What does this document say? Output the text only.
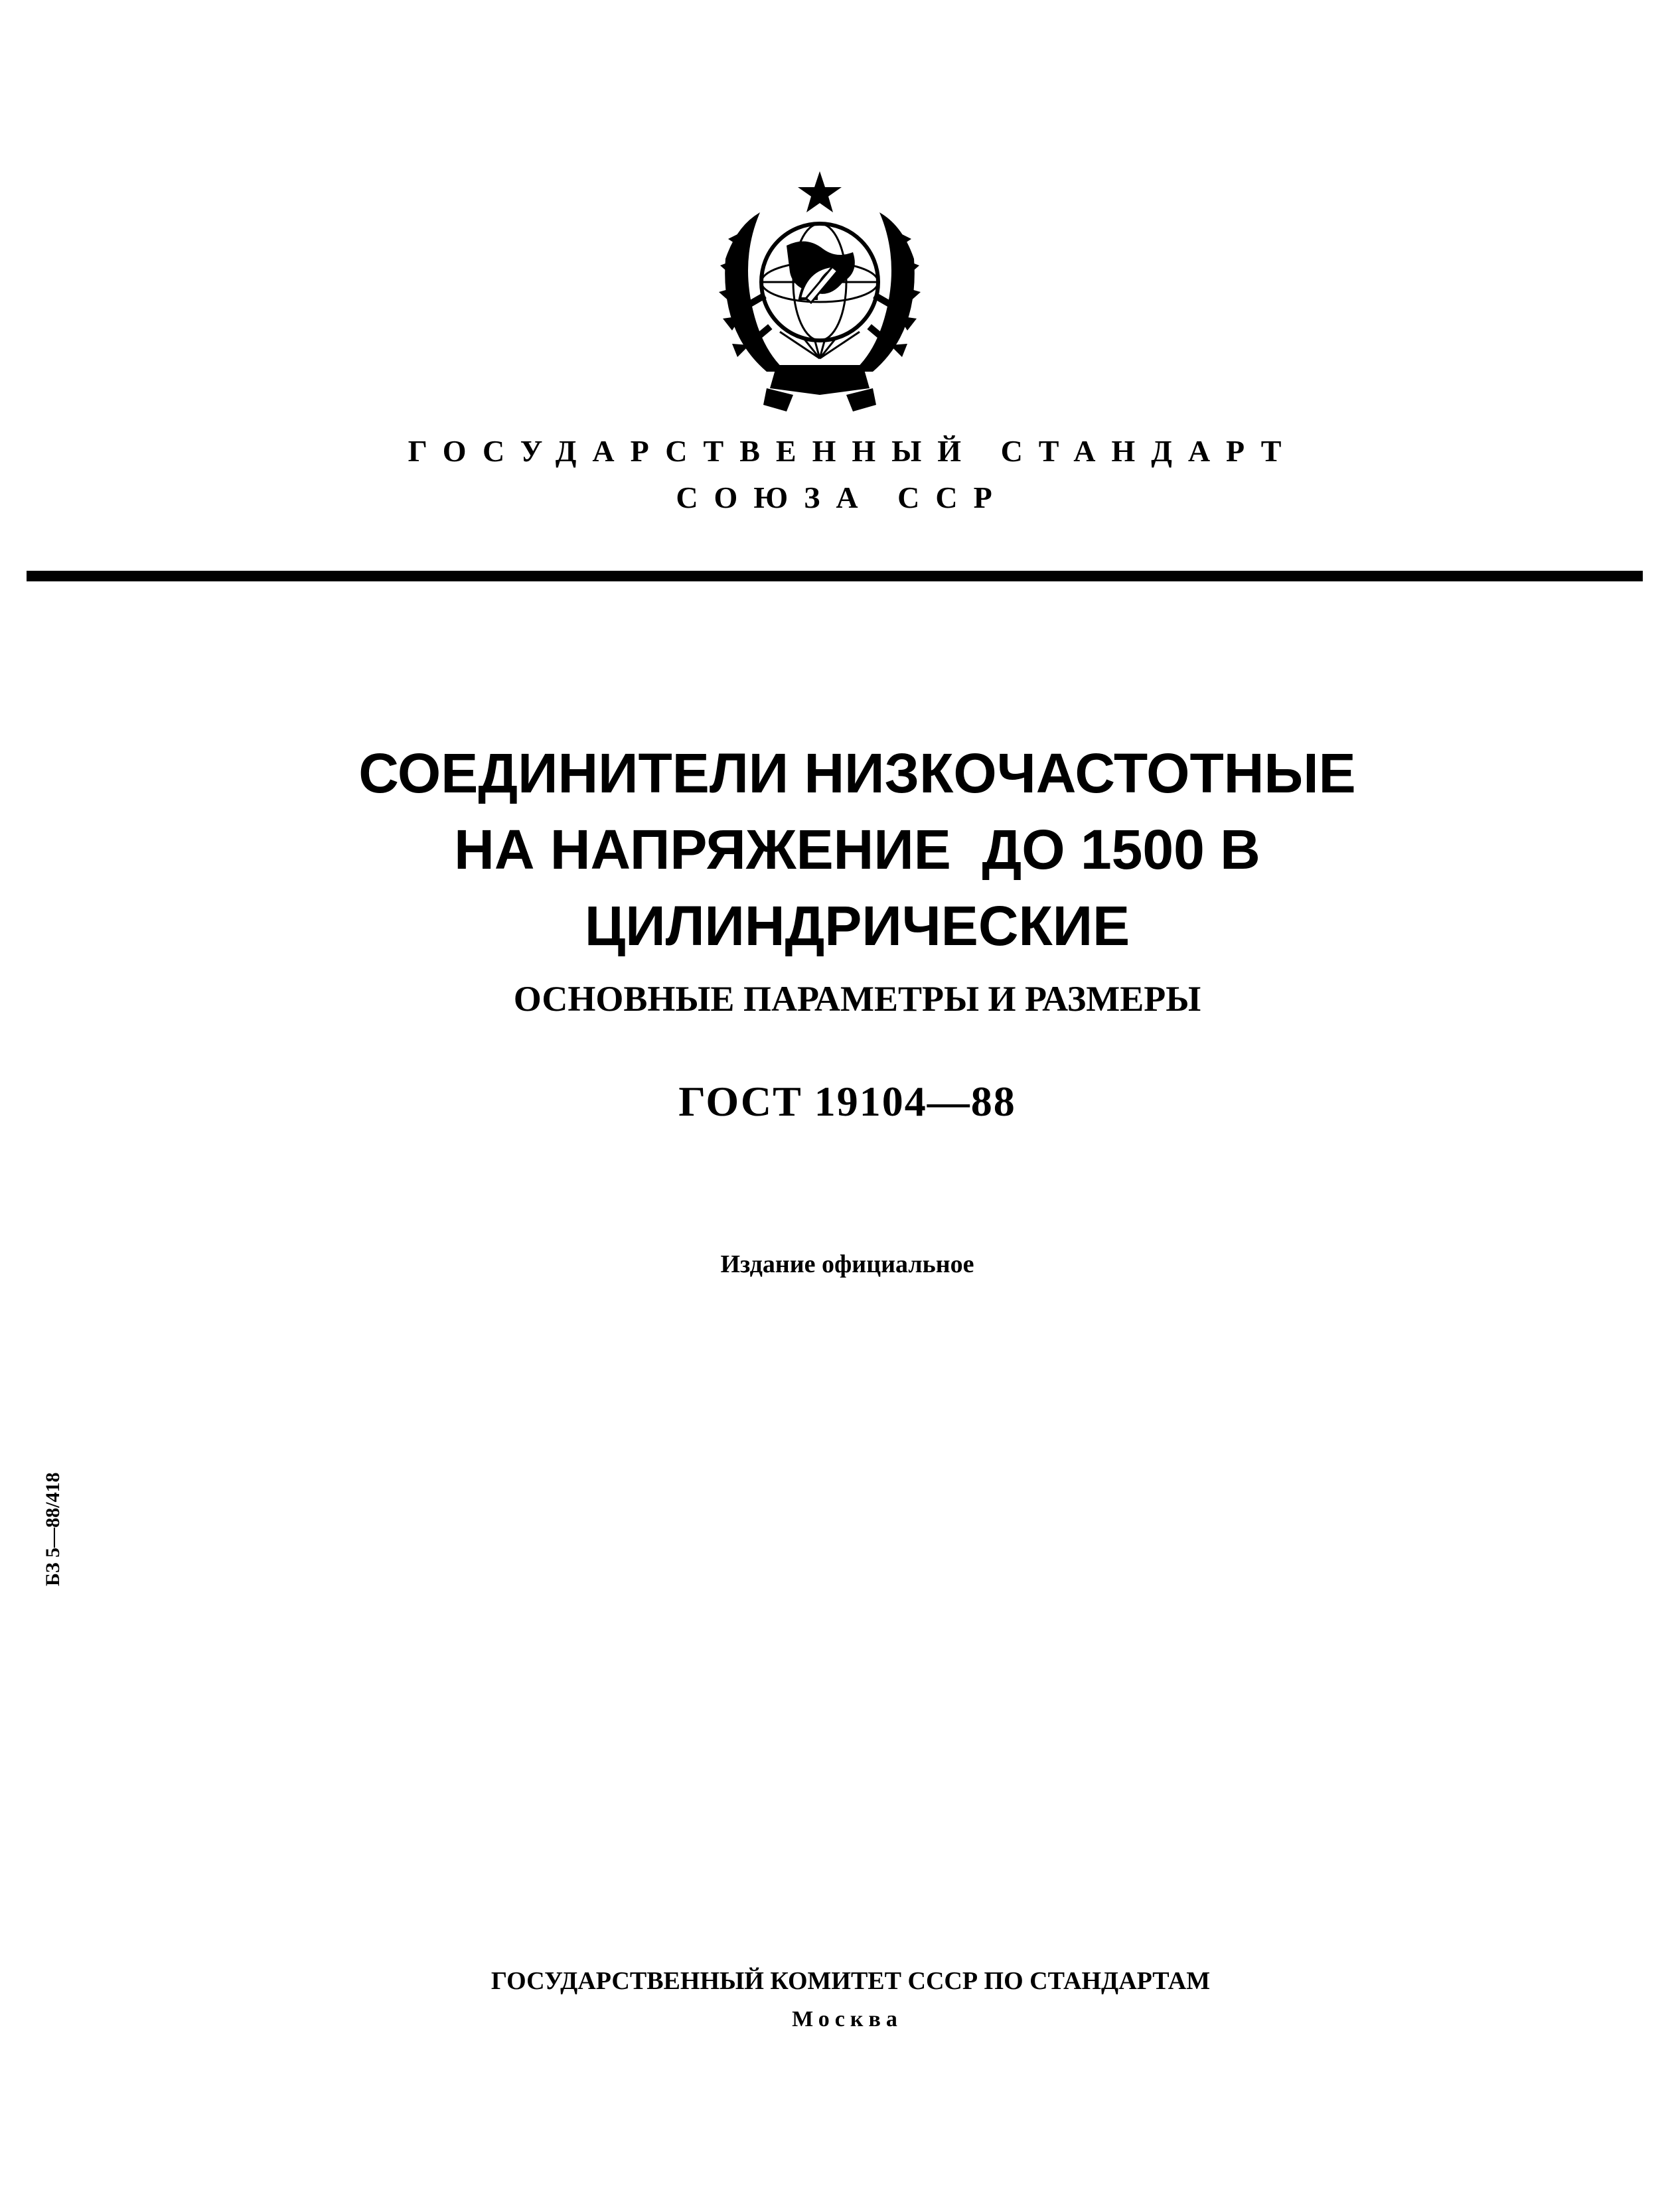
ГОСУДАРСТВЕННЫЙ СТАНДАРТ
СОЮЗА ССР
СОЕДИНИТЕЛИ НИЗКОЧАСТОТНЫЕ
НА НАПРЯЖЕНИЕ  ДО 1500 В
ЦИЛИНДРИЧЕСКИЕ
ОСНОВНЫЕ ПАРАМЕТРЫ И РАЗМЕРЫ
ГОСТ 19104—88
Издание официальное
БЗ 5—88/418
ГОСУДАРСТВЕННЫЙ КОМИТЕТ СССР ПО СТАНДАРТАМ
Москва
